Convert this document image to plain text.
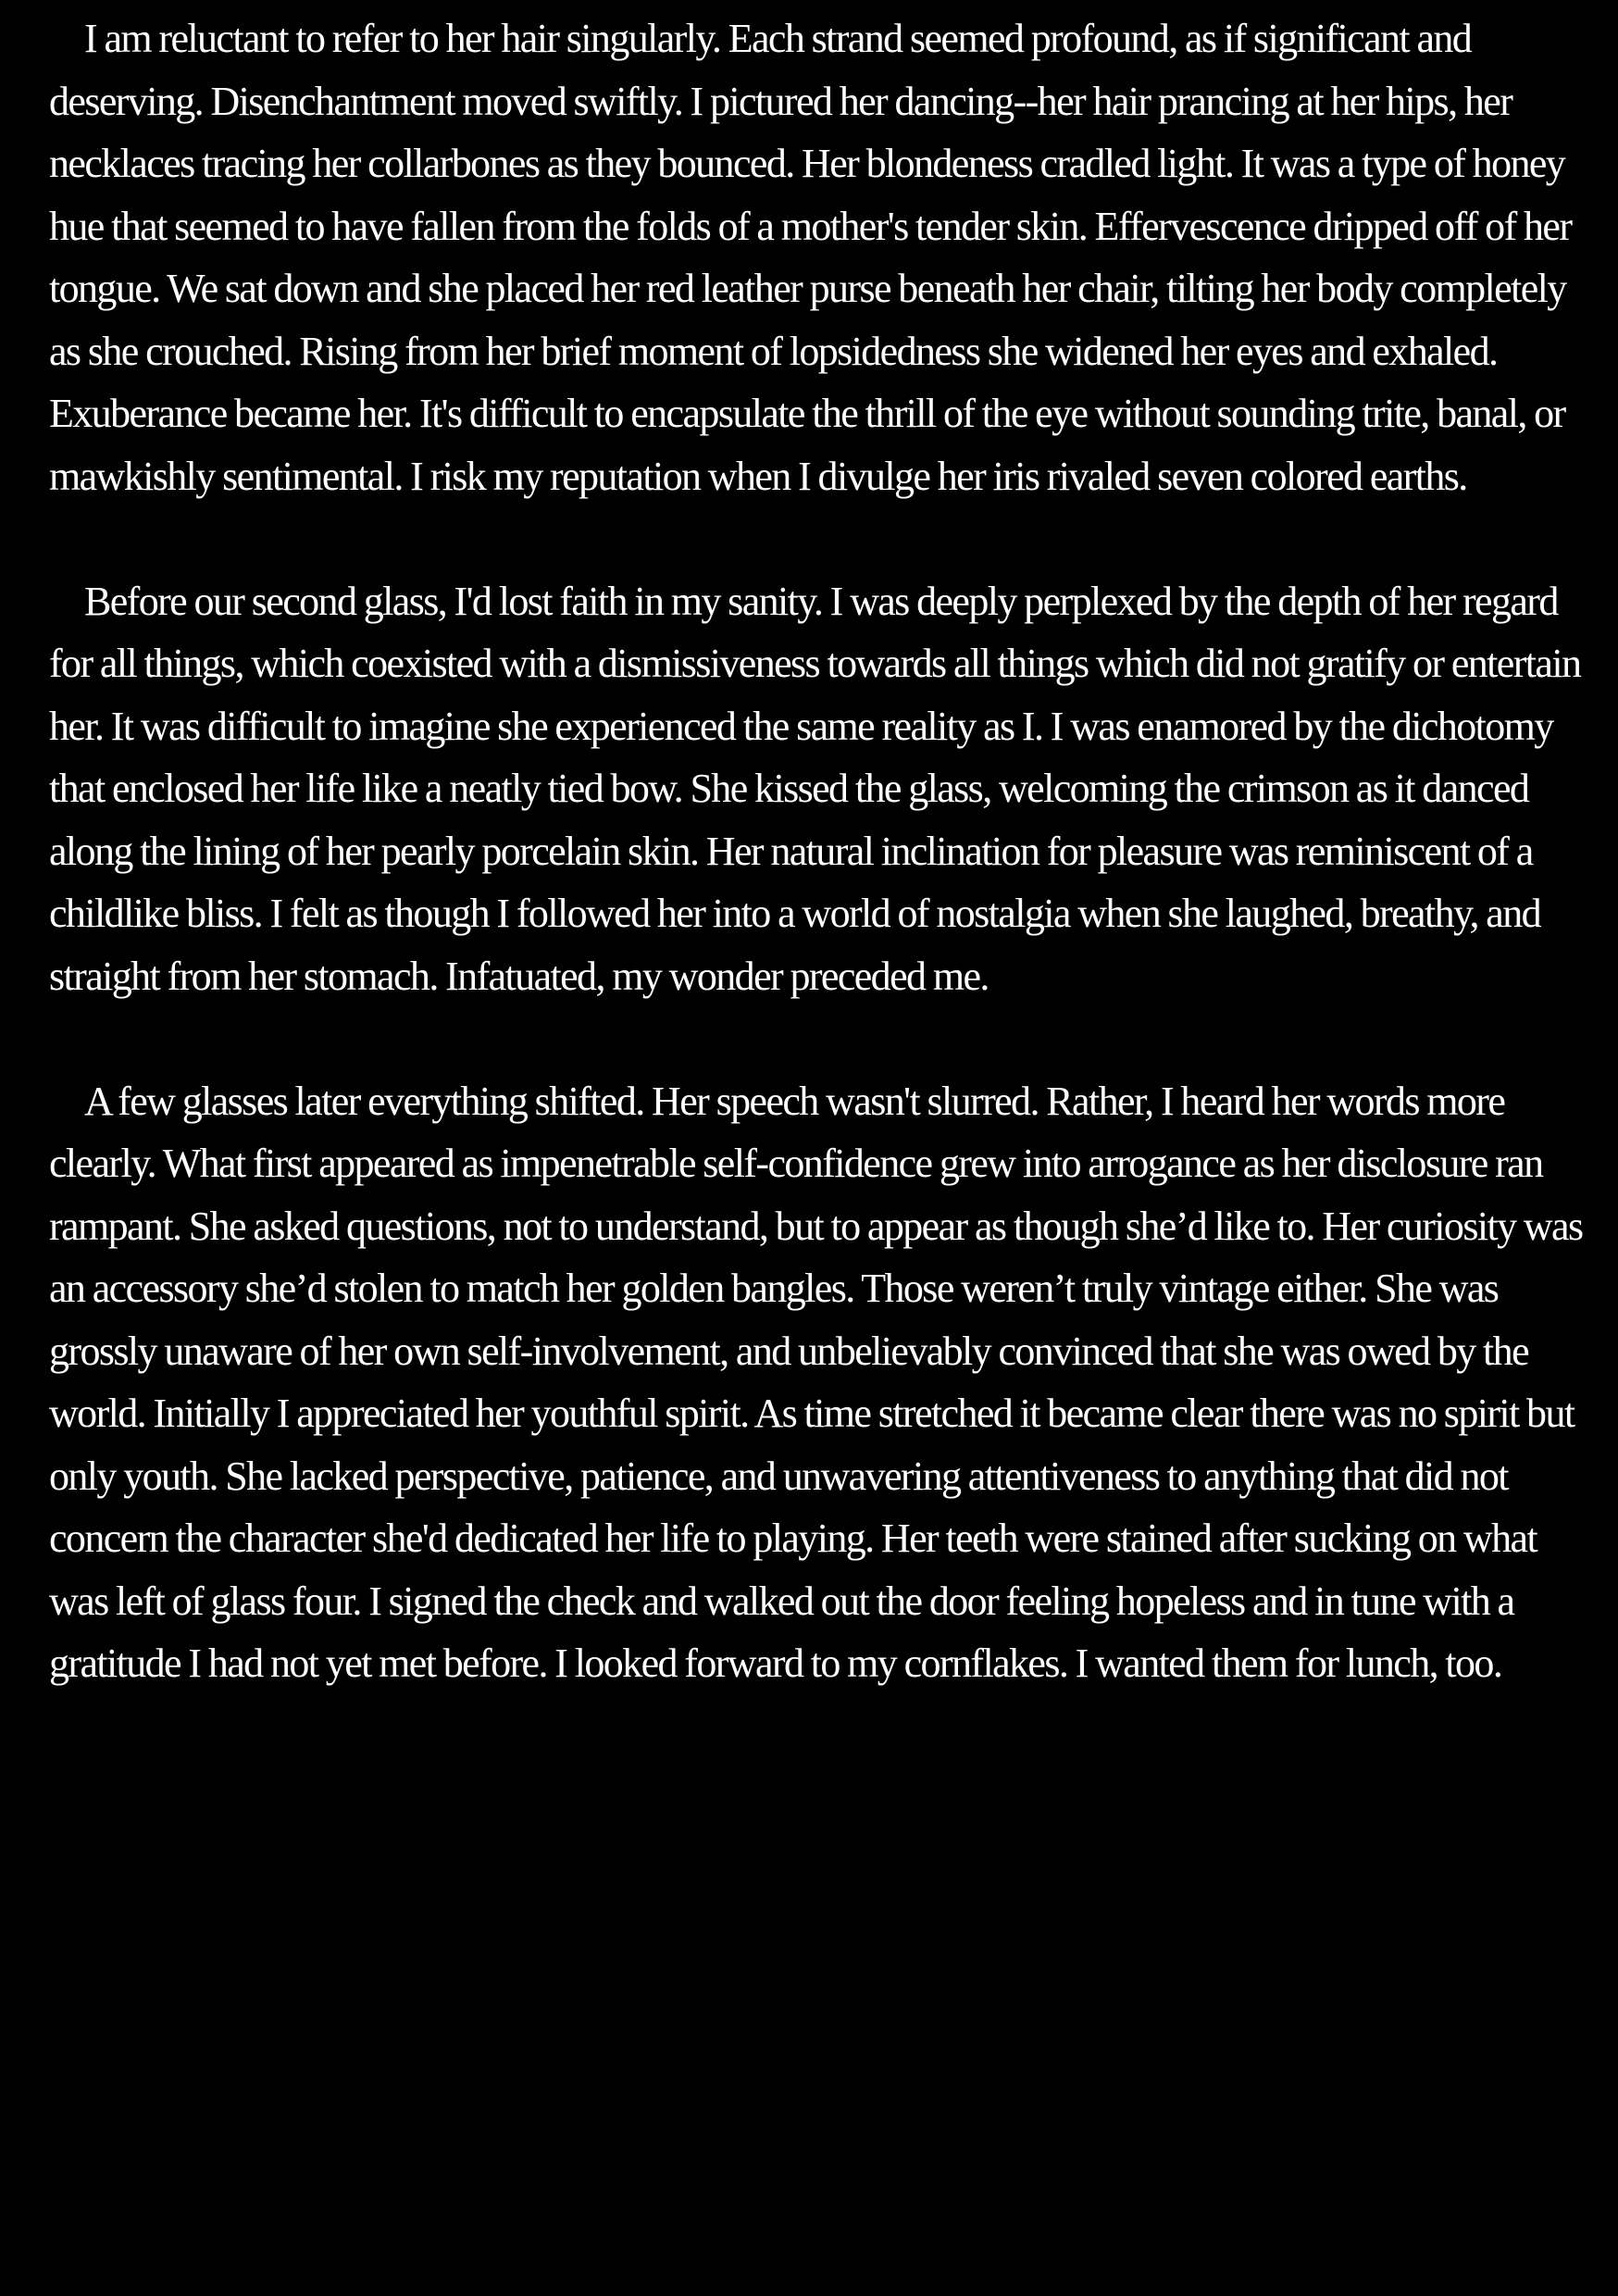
I am reluctant to refer to her hair singularly. Each strand seemed profound, as if significant and deserving. Disenchantment moved swiftly. I pictured her dancing--her hair prancing at her hips, her necklaces tracing her collarbones as they bounced. Her blondeness cradled light. It was a type of honey hue that seemed to have fallen from the folds of a mother's tender skin. Effervescence dripped off of her tongue. We sat down and she placed her red leather purse beneath her chair, tilting her body completely as she crouched. Rising from her brief moment of lopsidedness she widened her eyes and exhaled. Exuberance became her. It's difficult to encapsulate the thrill of the eye without sounding trite, banal, or mawkishly sentimental. I risk my reputation when I divulge her iris rivaled seven colored earths.

Before our second glass, I'd lost faith in my sanity. I was deeply perplexed by the depth of her regard for all things, which coexisted with a dismissiveness towards all things which did not gratify or entertain her. It was difficult to imagine she experienced the same reality as I. I was enamored by the dichotomy that enclosed her life like a neatly tied bow. She kissed the glass, welcoming the crimson as it danced along the lining of her pearly porcelain skin. Her natural inclination for pleasure was reminiscent of a childlike bliss. I felt as though I followed her into a world of nostalgia when she laughed, breathy, and straight from her stomach. Infatuated, my wonder preceded me.

A few glasses later everything shifted. Her speech wasn't slurred. Rather, I heard her words more clearly. What first appeared as impenetrable self-confidence grew into arrogance as her disclosure ran rampant. She asked questions, not to understand, but to appear as though she’d like to. Her curiosity was an accessory she’d stolen to match her golden bangles. Those weren’t truly vintage either. She was grossly unaware of her own self-involvement, and unbelievably convinced that she was owed by the world. Initially I appreciated her youthful spirit. As time stretched it became clear there was no spirit but only youth. She lacked perspective, patience, and unwavering attentiveness to anything that did not concern the character she'd dedicated her life to playing. Her teeth were stained after sucking on what was left of glass four. I signed the check and walked out the door feeling hopeless and in tune with a gratitude I had not yet met before. I looked forward to my cornflakes. I wanted them for lunch, too.
